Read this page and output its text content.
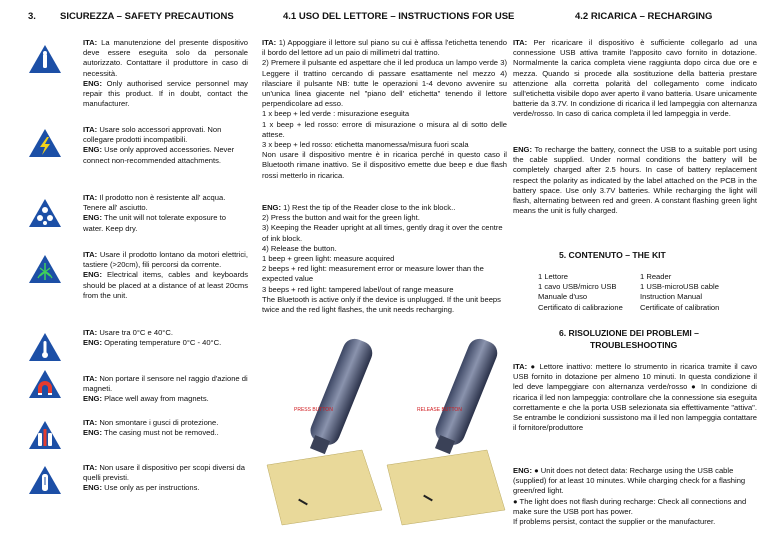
3.	SICUREZZA – SAFETY PRECAUTIONS

ITA: La manutenzione del presente dispositivo deve essere eseguita solo da personale autorizzato. Contattare il produttore in caso di necessità.

ENG: Only authorised service personnel may repair this product. If in doubt, contact the manufacturer.

ITA: Usare solo accessori approvati. Non collegare prodotti incompatibili.

ENG: Use only approved accessories. Never connect non-recommended attachments.

ITA: Il prodotto non è resistente all' acqua. Tenere all' asciutto.

ENG: The unit will not tolerate exposure to water. Keep dry.

ITA: Usare il prodotto lontano da motori elettrici, tastiere (>20cm), fili percorsi da corrente.

ENG: Electrical items, cables and keyboards should be placed at a distance of at least 20cms from the unit.

ITA: Usare tra 0°C e 40°C.

ENG: Operating temperature 0°C - 40°C.

ITA: Non portare il sensore nel raggio d'azione di magneti.

ENG: Place well away from magnets.

ITA: Non smontare i gusci di protezione.

ENG: The casing must not be removed..

ITA: Non usare il dispositivo per scopi diversi da quelli previsti.

ENG: Use only as per instructions.

4.1 USO DEL LETTORE – INSTRUCTIONS FOR USE

ITA: 1) Appoggiare il lettore sul piano su cui è affissa l'etichetta tenendo il bordo del lettore ad un paio di millimetri dal trattino.

2) Premere il pulsante ed aspettare che il led produca un lampo verde 3) Leggere il trattino cercando di passare esattamente nel mezzo 4) rilasciare il pulsante NB: tutte le operazioni 1-4 devono avvenire su un'unica linea giacente nel "piano dell' etichetta" tenendo il lettore perpendicolare ad esso.

1 x beep + led verde : misurazione eseguita

1 x beep + led rosso: errore di misurazione o misura al di sotto delle attese.

3 x beep + led rosso: etichetta manomessa/misura fuori scala

Non usare il dispositivo mentre è in ricarica perché in questo caso il Bluetooth rimane inattivo. Se il dispositivo emette due beep e due flash rossi metterlo in ricarica.

ENG: 1) Rest the tip of the Reader close to the ink block..

2) Press the button and wait for the green light.

3) Keeping the Reader upright at all times, gently drag it over the centre of ink block.

4) Release the button.

1 beep + green light: measure acquired

2 beeps + red light: measurement error or measure lower than the expected value

3 beeps + red light: tampered label/out of range measure

The Bluetooth is active only if the device is unplugged. If the unit beeps twice and the red light flashes, the unit needs recharging.

PRESS BUTTON	RELEASE BUTTON
4.2 RICARICA – RECHARGING

ITA: Per ricaricare il dispositivo è sufficiente collegarlo ad una connessione USB attiva tramite l'apposito cavo fornito in dotazione. Normalmente la carica completa viene raggiunta dopo circa due ore e mezza. Quando si procede alla sostituzione della batteria prestare attenzione alla corretta polarità del collegamento come indicato sull'etichetta visibile dopo aver aperto il vano batteria. Usare unicamente batterie da 3.7V. In condizione di ricarica il led lampeggia con alternanza verde/rosso. In caso di carica completa il led lampeggia in verde.

ENG: To recharge the battery, connect the USB to a suitable port using the cable supplied. Under normal conditions the battery will be completely charged after 2.5 hours. In case of battery replacement respect the polarity as indicated by the label attached on the PCB in the battery space. Use only 3.7V batteries. While recharging the light will flash, alternating between red and green. A constant flashing green light means the unit is fully charged.

5. CONTENUTO – THE KIT

1 Lettore

1 cavo USB/micro USB

Manuale d'uso

Certificato di calibrazione

1 Reader

1 USB-microUSB cable

Instruction Manual

Certificate of calibration

6. RISOLUZIONE DEI PROBLEMI –
TROUBLESHOOTING

ITA: ● Lettore inattivo: mettere lo strumento in ricarica tramite il cavo USB fornito in dotazione per almeno 10 minuti. In questa condizione il led deve lampeggiare con alternanza verde/rosso ● In condizione di ricarica il led non lampeggia: controllare che la connessione sia eseguita correttamente e che la porta USB selezionata sia effettivamente "attiva". Se entrambe le condizioni sussistono ma il led non lampeggia contattare il fornitore/produttore

ENG: ● Unit does not detect data: Recharge using the USB cable (supplied) for at least 10 minutes. While charging check for a flashing green/red light.

● The light does not flash during recharge: Check all connections and make sure the USB port has power.

If problems persist, contact the supplier or the manufacturer.
